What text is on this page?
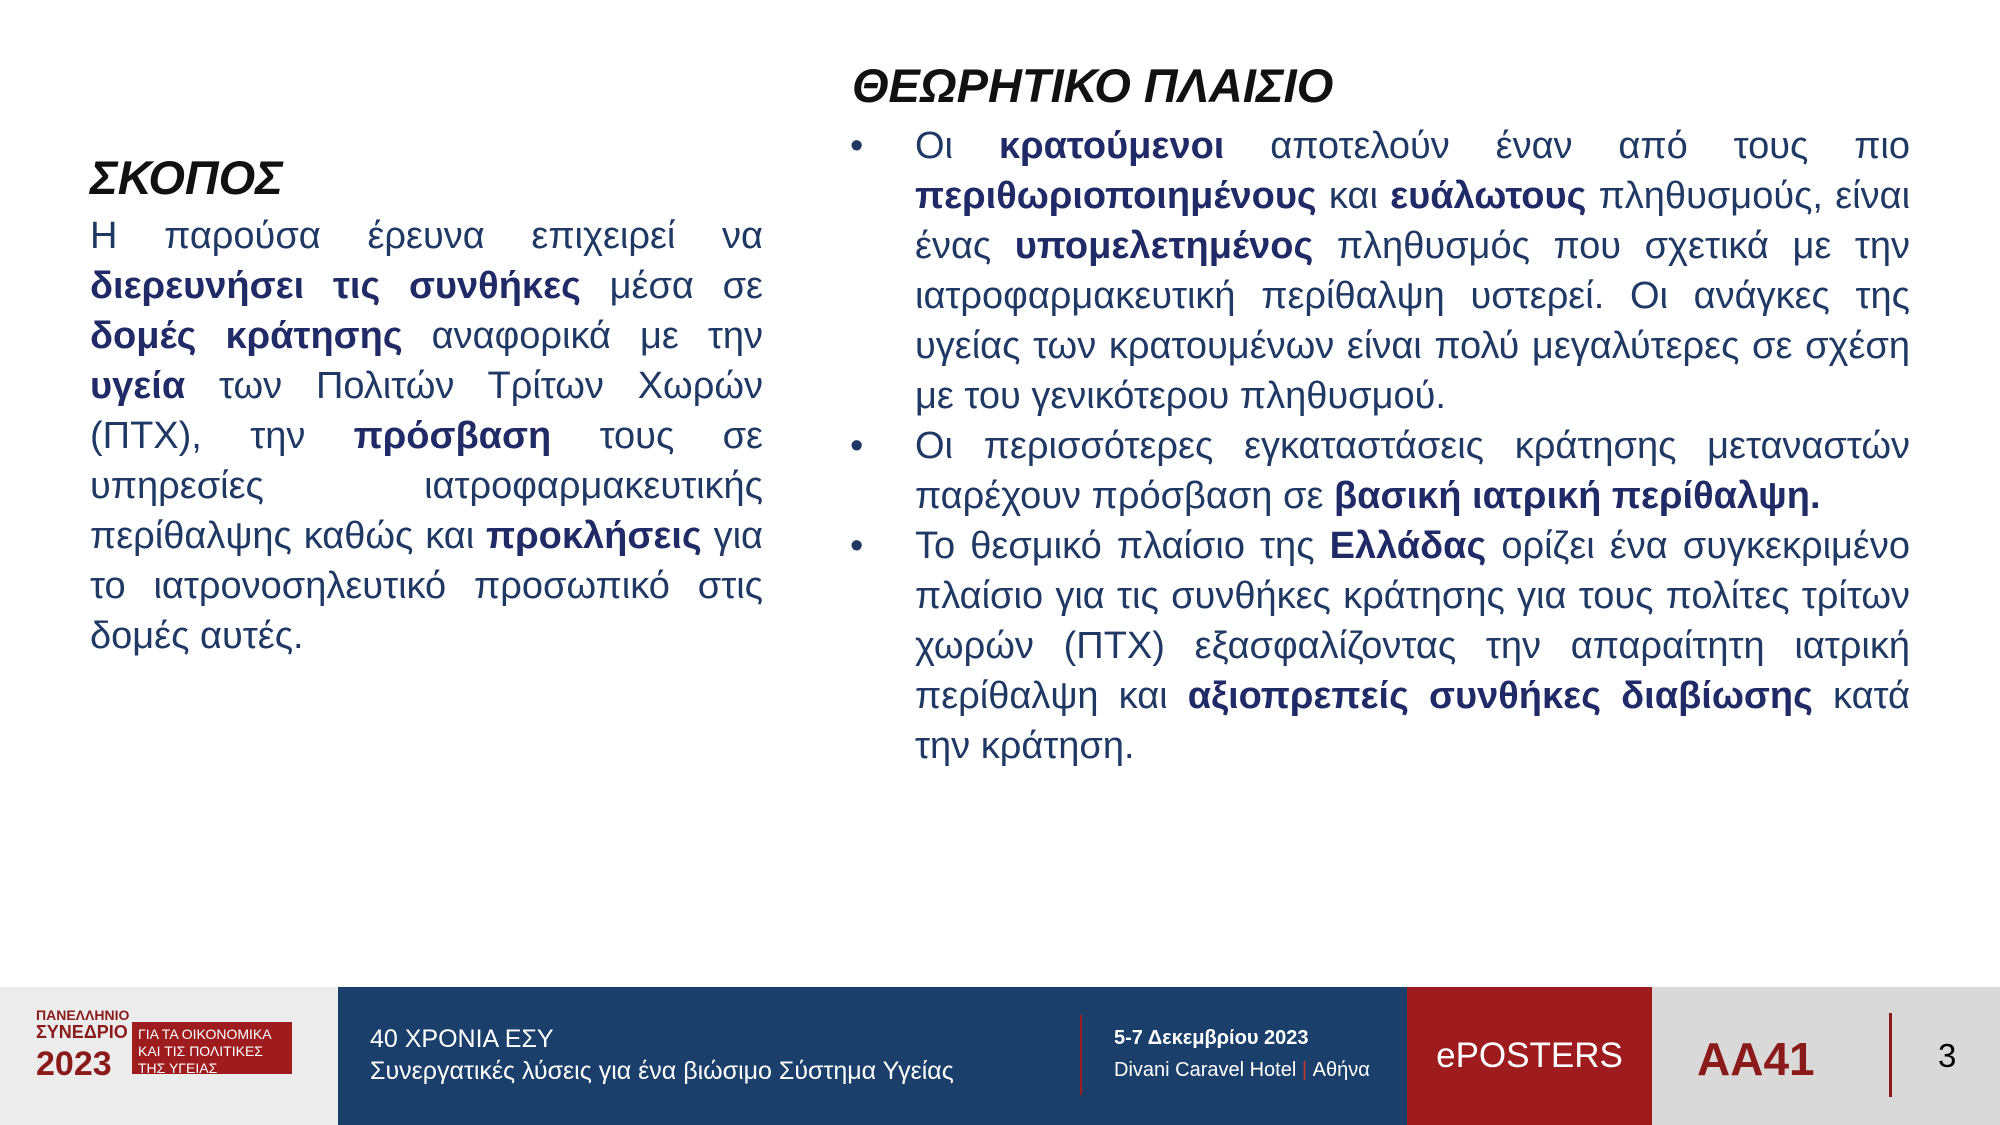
ΣΚΟΠΟΣ
Η παρούσα έρευνα επιχειρεί να διερευνήσει τις συνθήκες μέσα σε δομές κράτησης αναφορικά με την υγεία των Πολιτών Τρίτων Χωρών (ΠΤΧ), την πρόσβαση τους σε υπηρεσίες ιατροφαρμακευτικής περίθαλψης καθώς και προκλήσεις για το ιατρονοσηλευτικό προσωπικό στις δομές αυτές.
ΘΕΩΡΗΤΙΚΟ ΠΛΑΙΣΙΟ
• Οι κρατούμενοι αποτελούν έναν από τους πιο περιθωριοποιημένους και ευάλωτους πληθυσμούς, είναι ένας υπομελετημένος πληθυσμός που σχετικά με την ιατροφαρμακευτική περίθαλψη υστερεί. Οι ανάγκες της υγείας των κρατουμένων είναι πολύ μεγαλύτερες σε σχέση με του γενικότερου πληθυσμού.
• Οι περισσότερες εγκαταστάσεις κράτησης μεταναστών παρέχουν πρόσβαση σε βασική ιατρική περίθαλψη.
• Το θεσμικό πλαίσιο της Ελλάδας ορίζει ένα συγκεκριμένο πλαίσιο για τις συνθήκες κράτησης για τους πολίτες τρίτων χωρών (ΠΤΧ) εξασφαλίζοντας την απαραίτητη ιατρική περίθαλψη και αξιοπρεπείς συνθήκες διαβίωσης κατά την κράτηση.
ΠΑΝΕΛΛΗΝΙΟ
ΣΥΝΕΔΡΙΟ
2023
ΓΙΑ ΤΑ ΟΙΚΟΝΟΜΙΚΑ
ΚΑΙ ΤΙΣ ΠΟΛΙΤΙΚΕΣ
ΤΗΣ ΥΓΕΙΑΣ
40 ΧΡΟΝΙΑ ΕΣΥ
Συνεργατικές λύσεις για ένα βιώσιμο Σύστημα Υγείας
5-7 Δεκεμβρίου 2023
Divani Caravel Hotel | Αθήνα ePOSTERS AA41	3
